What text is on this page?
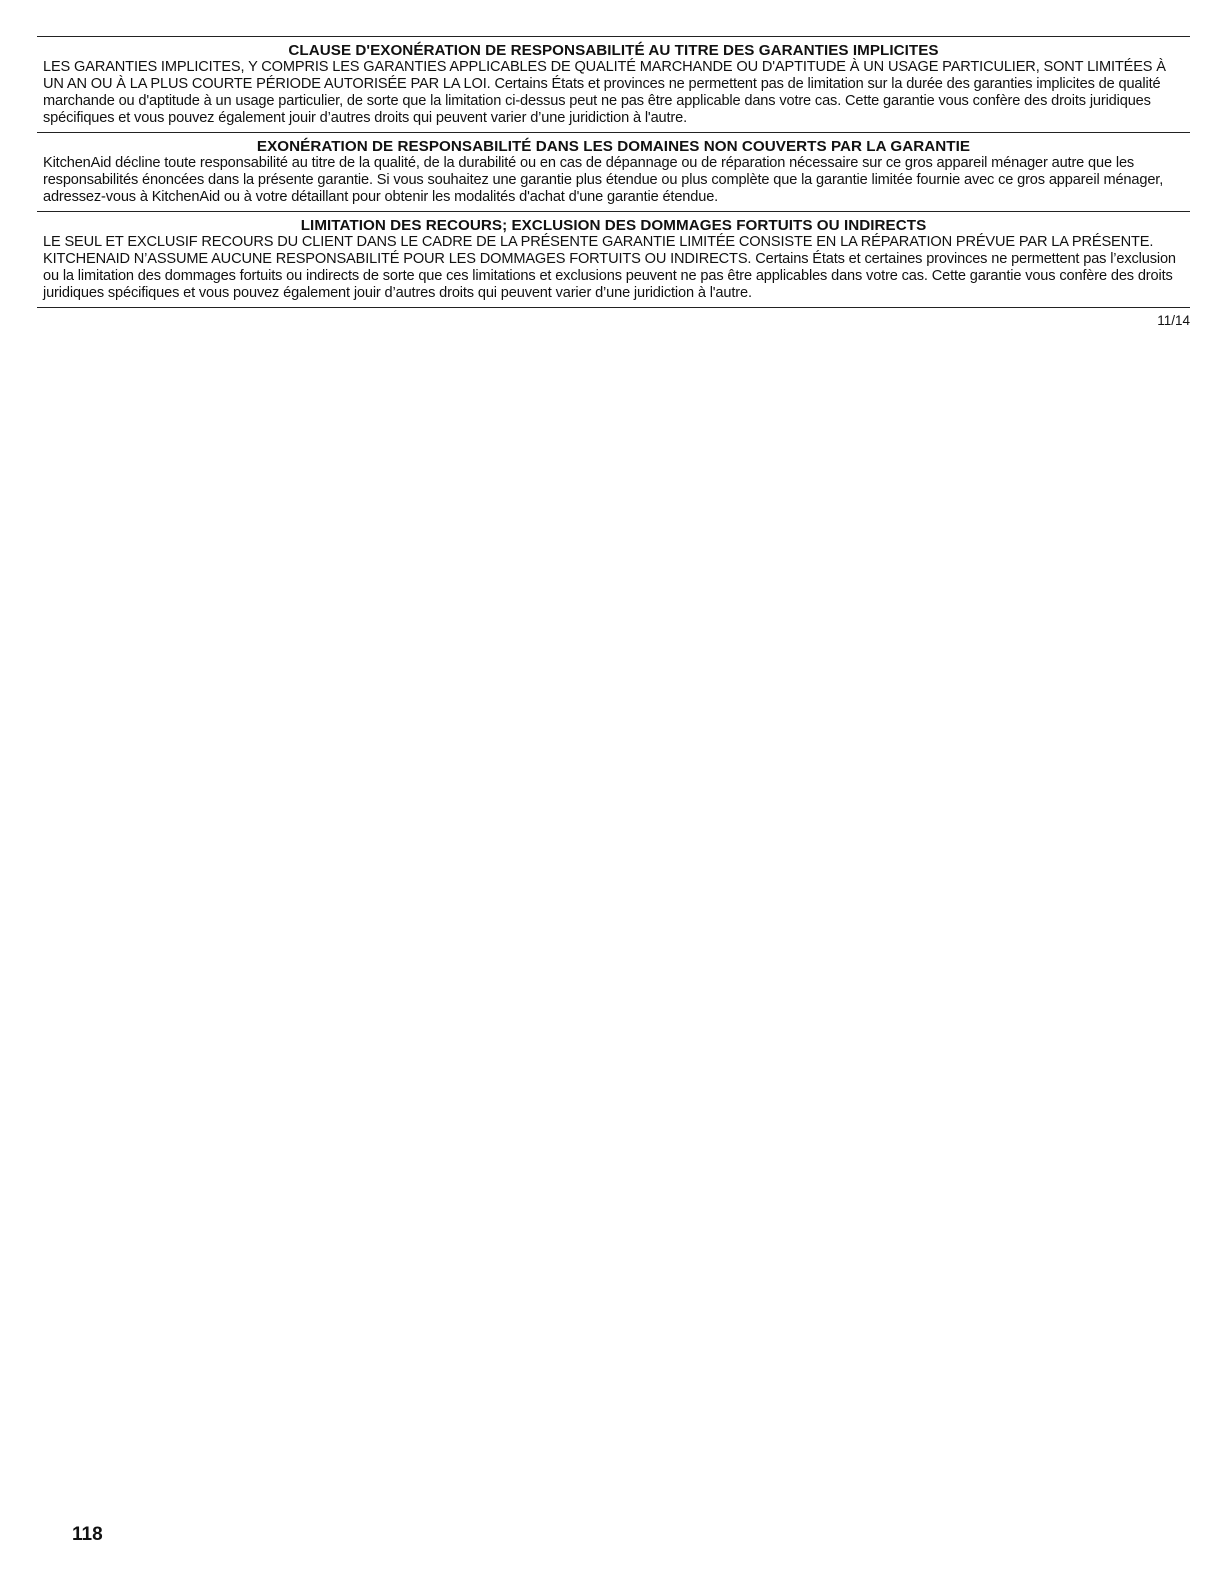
CLAUSE D'EXONÉRATION DE RESPONSABILITÉ AU TITRE DES GARANTIES IMPLICITES
LES GARANTIES IMPLICITES, Y COMPRIS LES GARANTIES APPLICABLES DE QUALITÉ MARCHANDE OU D'APTITUDE À UN USAGE PARTICULIER, SONT LIMITÉES À UN AN OU À LA PLUS COURTE PÉRIODE AUTORISÉE PAR LA LOI. Certains États et provinces ne permettent pas de limitation sur la durée des garanties implicites de qualité marchande ou d'aptitude à un usage particulier, de sorte que la limitation ci-dessus peut ne pas être applicable dans votre cas. Cette garantie vous confère des droits juridiques spécifiques et vous pouvez également jouir d’autres droits qui peuvent varier d’une juridiction à l'autre.
EXONÉRATION DE RESPONSABILITÉ DANS LES DOMAINES NON COUVERTS PAR LA GARANTIE
KitchenAid décline toute responsabilité au titre de la qualité, de la durabilité ou en cas de dépannage ou de réparation nécessaire sur ce gros appareil ménager autre que les responsabilités énoncées dans la présente garantie. Si vous souhaitez une garantie plus étendue ou plus complète que la garantie limitée fournie avec ce gros appareil ménager, adressez-vous à KitchenAid ou à votre détaillant pour obtenir les modalités d'achat d'une garantie étendue.
LIMITATION DES RECOURS; EXCLUSION DES DOMMAGES FORTUITS OU INDIRECTS
LE SEUL ET EXCLUSIF RECOURS DU CLIENT DANS LE CADRE DE LA PRÉSENTE GARANTIE LIMITÉE CONSISTE EN LA RÉPARATION PRÉVUE PAR LA PRÉSENTE. KITCHENAID N’ASSUME AUCUNE RESPONSABILITÉ POUR LES DOMMAGES FORTUITS OU INDIRECTS. Certains États et certaines provinces ne permettent pas l’exclusion ou la limitation des dommages fortuits ou indirects de sorte que ces limitations et exclusions peuvent ne pas être applicables dans votre cas. Cette garantie vous confère des droits juridiques spécifiques et vous pouvez également jouir d’autres droits qui peuvent varier d’une juridiction à l'autre.
11/14
118
